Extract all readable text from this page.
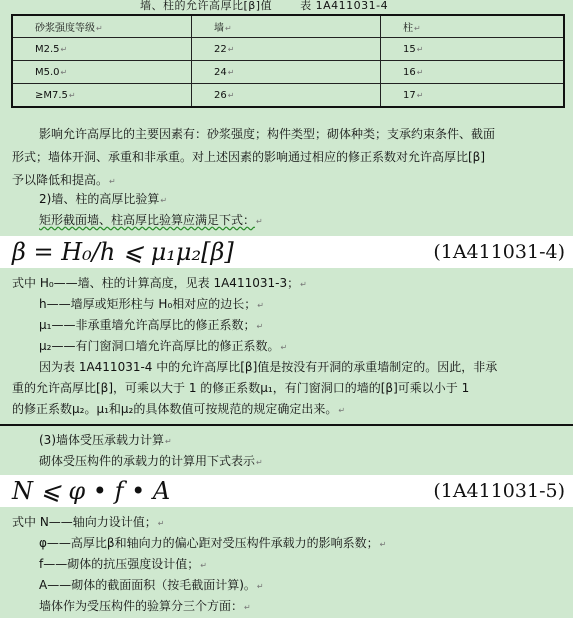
墙、柱的允许高厚比[β]值	表 1A411031-4
砂浆强度等级↵	墙↵	柱↵
M2.5↵	22↵	15↵
M5.0↵	24↵	16↵
≥M7.5↵	26↵	17↵
影响允许高厚比的主要因素有：砂浆强度；构件类型；砌体种类；支承约束条件、截面
形式；墙体开洞、承重和非承重。对上述因素的影响通过相应的修正系数对允许高厚比[β]
予以降低和提高。↵
2)墙、柱的高厚比验算↵
矩形截面墙、柱高厚比验算应满足下式：↵
β = H₀/h ⩽ μ₁μ₂[β]	(1A411031-4)
式中 H₀——墙、柱的计算高度，见表 1A411031-3；↵
h——墙厚或矩形柱与 H₀相对应的边长；↵
μ₁——非承重墙允许高厚比的修正系数；↵
μ₂——有门窗洞口墙允许高厚比的修正系数。↵
因为表 1A411031-4 中的允许高厚比[β]值是按没有开洞的承重墙制定的。因此，非承
重的允许高厚比[β]，可乘以大于 1 的修正系数μ₁，有门窗洞口的墙的[β]可乘以小于 1
的修正系数μ₂。μ₁和μ₂的具体数值可按规范的规定确定出来。↵
(3)墙体受压承载力计算↵
砌体受压构件的承载力的计算用下式表示↵
N ⩽ φ • f • A	(1A411031-5)
式中 N——轴向力设计值；↵
φ——高厚比β和轴向力的偏心距对受压构件承载力的影响系数；↵
f——砌体的抗压强度设计值；↵
A——砌体的截面面积（按毛截面计算)。↵
墙体作为受压构件的验算分三个方面：↵
